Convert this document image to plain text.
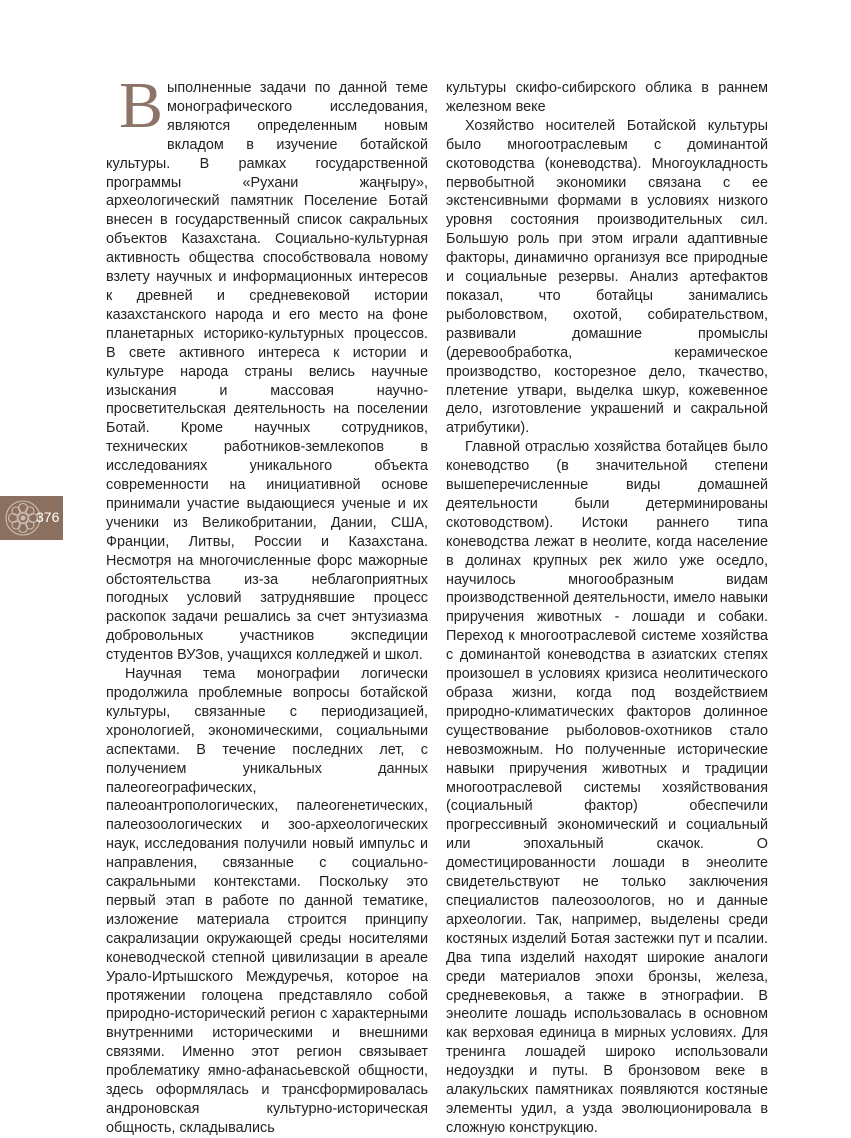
376

Выполненные задачи по данной теме монографического исследования, являются определенным новым вкладом в изучение ботайской культуры. В рамках государственной программы «Рухани жаңғыру», археологический памятник Поселение Ботай внесен в государственный список сакральных объектов Казахстана. Социально-культурная активность общества способствовала новому взлету научных и информационных интересов к древней и средневековой истории казахстанского народа и его место на фоне планетарных историко-культурных процессов. В свете активного интереса к истории и культуре народа страны велись научные изыскания и массовая научно-просветительская деятельность на поселении Ботай. Кроме научных сотрудников, технических работников-землекопов в исследованиях уникального объекта современности на инициативной основе принимали участие выдающиеся ученые и их ученики из Великобритании, Дании, США, Франции, Литвы, России и Казахстана. Несмотря на многочисленные форс мажорные обстоятельства из-за неблагоприятных погодных условий затруднявшие процесс раскопок задачи решались за счет энтузиазма добровольных участников экспедиции студентов ВУЗов, учащихся колледжей и школ.

Научная тема монографии логически продолжила проблемные вопросы ботайской культуры, связанные с периодизацией, хронологией, экономическими, социальными аспектами. В течение последних лет, с получением уникальных данных палеогеографических, палеоантропологических, палеогенетических, палеозоологических и зоо-археологических наук, исследования получили новый импульс и направления, связанные с социально- сакральными контекстами. Поскольку это первый этап в работе по данной тематике, изложение материала строится принципу сакрализации окружающей среды носителями коневодческой степной цивилизации в ареале Урало-Иртышского Междуречья, которое на протяжении голоцена представляло собой природно-исторический регион с характерными внутренними историческими и внешними связями. Именно этот регион связывает проблематику ямно-афанасьевской общности, здесь оформлялась и трансформировалась андроновская культурно-историческая общность, складывались

культуры скифо-сибирского облика в раннем железном веке

Хозяйство носителей Ботайской культуры было многоотраслевым с доминантой скотоводства (коневодства). Многоукладность первобытной экономики связана с ее экстенсивными формами в условиях низкого уровня состояния производительных сил. Большую роль при этом играли адаптивные факторы, динамично организуя все природные и социальные резервы. Анализ артефактов показал, что ботайцы занимались рыболовством, охотой, собирательством, развивали домашние промыслы (деревообработка, керамическое производство, косторезное дело, ткачество, плетение утвари, выделка шкур, кожевенное дело, изготовление украшений и сакральной атрибутики).

Главной отраслью хозяйства ботайцев было коневодство (в значительной степени вышеперечисленные виды домашней деятельности были детерминированы скотоводством). Истоки раннего типа коневодства лежат в неолите, когда население в долинах крупных рек жило уже оседло, научилось многообразным видам производственной деятельности, имело навыки приручения животных - лошади и собаки. Переход к многоотраслевой системе хозяйства с доминантой коневодства в азиатских степях произошел в условиях кризиса неолитического образа жизни, когда под воздействием природно-климатических факторов долинное существование рыболовов-охотников стало невозможным. Но полученные исторические навыки приручения животных и традиции многоотраслевой системы хозяйствования (социальный фактор) обеспечили прогрессивный экономический и социальный или эпохальный скачок. О доместицированности лошади в энеолите свидетельствуют не только заключения специалистов палеозоологов, но и данные археологии. Так, например, выделены среди костяных изделий Ботая застежки пут и псалии. Два типа изделий находят широкие аналоги среди материалов эпохи бронзы, железа, средневековья, а также в этнографии. В энеолите лошадь использовалась в основном как верховая единица в мирных условиях. Для тренинга лошадей широко использовали недоуздки и путы. В бронзовом веке в алакульских памятниках появляются костяные элементы удил, а узда эволюционировала в сложную конструкцию.
